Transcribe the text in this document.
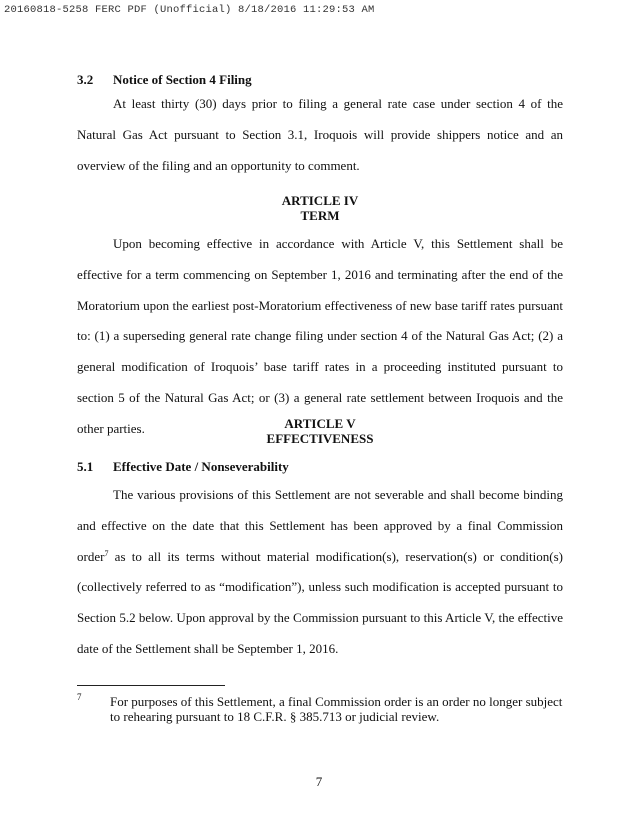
20160818-5258 FERC PDF (Unofficial) 8/18/2016 11:29:53 AM
3.2 Notice of Section 4 Filing
At least thirty (30) days prior to filing a general rate case under section 4 of the Natural Gas Act pursuant to Section 3.1, Iroquois will provide shippers notice and an overview of the filing and an opportunity to comment.
ARTICLE IV
TERM
Upon becoming effective in accordance with Article V, this Settlement shall be effective for a term commencing on September 1, 2016 and terminating after the end of the Moratorium upon the earliest post-Moratorium effectiveness of new base tariff rates pursuant to: (1) a superseding general rate change filing under section 4 of the Natural Gas Act; (2) a general modification of Iroquois’ base tariff rates in a proceeding instituted pursuant to section 5 of the Natural Gas Act; or (3) a general rate settlement between Iroquois and the other parties.	ARTICLE V
EFFECTIVENESS
5.1 Effective Date / Nonseverability
The various provisions of this Settlement are not severable and shall become binding and effective on the date that this Settlement has been approved by a final Commission order$^7$ as to all its terms without material modification(s), reservation(s) or condition(s) (collectively referred to as “modification”), unless such modification is accepted pursuant to Section 5.2 below. Upon approval by the Commission pursuant to this Article V, the effective date of the Settlement shall be September 1, 2016.
7 For purposes of this Settlement, a final Commission order is an order no longer subject to rehearing pursuant to 18 C.F.R. § 385.713 or judicial review.
7
